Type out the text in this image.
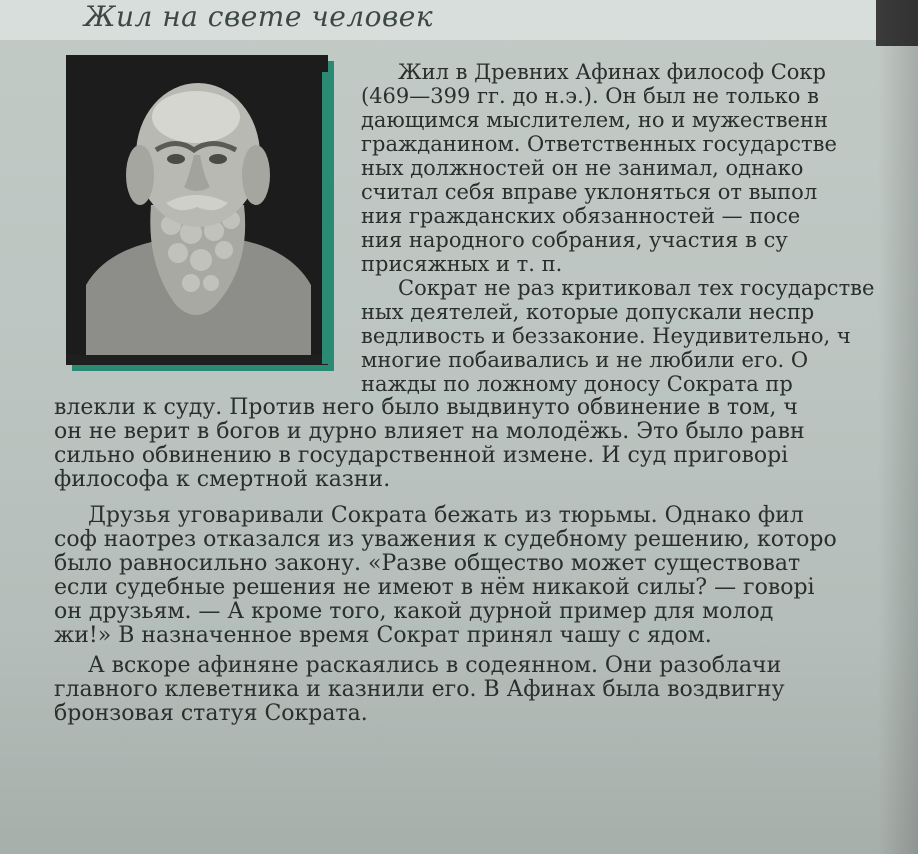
Жил на свете человек

Жил в Древних Афинах философ Сокр

(469—399 гг. до н.э.). Он был не только в

дающимся мыслителем, но и мужественн

гражданином. Ответственных государстве

ных должностей он не занимал, однако

считал себя вправе уклоняться от выпол

ния гражданских обязанностей — посе

ния народного собрания, участия в су

присяжных и т. п.

Сократ не раз критиковал тех государстве

ных деятелей, которые допускали неспр

ведливость и беззаконие. Неудивительно, ч

многие побаивались и не любили его. О

нажды по ложному доносу Сократа пр

влекли к суду. Против него было выдвинуто обвинение в том, ч

он не верит в богов и дурно влияет на молодёжь. Это было равн

сильно обвинению в государственной измене. И суд приговорі

философа к смертной казни.

Друзья уговаривали Сократа бежать из тюрьмы. Однако фил

соф наотрез отказался из уважения к судебному решению, которо

было равносильно закону. «Разве общество может существоват

если судебные решения не имеют в нём никакой силы? — говорі

он друзьям. — А кроме того, какой дурной пример для молод

жи!» В назначенное время Сократ принял чашу с ядом.

А вскоре афиняне раскаялись в содеянном. Они разоблачи

главного клеветника и казнили его. В Афинах была воздвигну

бронзовая статуя Сократа.
